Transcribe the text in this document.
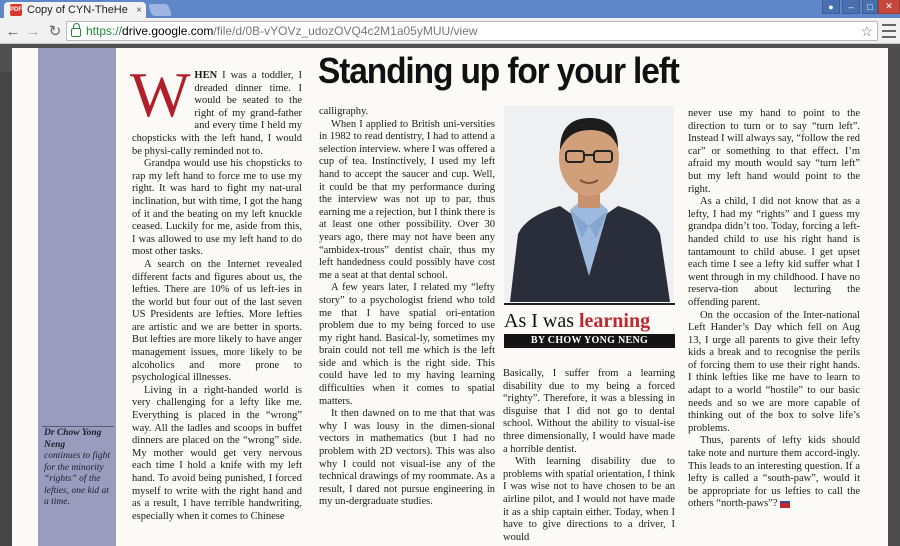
PDF Copy of CYN-TheHe ×	●	–	□	✕
← → ↻ https:// drive.google.com /file/d/0B-vYOVz_udozOVQ4c2M1a05yMUU/view	☆
Dr Chow Yong Neng
continues to fight for the minority “rights” of the lefties, one kid at a time.
Standing up for your left

WHEN I was a toddler, I dreaded dinner time. I would be seated to the right of my grand-father and every time I held my chopsticks with the left hand, I would be physi-cally reminded not to.

Grandpa would use his chopsticks to rap my left hand to force me to use my right. It was hard to fight my nat-ural inclination, but with time, I got the hang of it and the beating on my left knuckle ceased. Luckily for me, aside from this, I was allowed to use my left hand to do most other tasks.

A search on the Internet revealed different facts and figures about us, the lefties. There are 10% of us left-ies in the world but four out of the last seven US Presidents are lefties. More lefties are artistic and we are better in sports. But lefties are more likely to have anger management issues, more likely to be alcoholics and more prone to psychological illnesses.

Living in a right-handed world is very challenging for a lefty like me. Everything is placed in the “wrong” way. All the ladles and scoops in buffet dinners are placed on the “wrong” side. My mother would get very nervous each time I hold a knife with my left hand. To avoid being punished, I forced myself to write with the right hand and as a result, I have terrible handwriting, especially when it comes to Chinese

calligraphy.

When I applied to British uni-versities in 1982 to read dentistry, I had to attend a selection interview. where I was offered a cup of tea. Instinctively, I used my left hand to accept the saucer and cup. Well, it could be that my performance during the interview was not up to par, thus earning me a rejection, but I think there is at least one other possibility. Over 30 years ago, there may not have been any “ambidex-trous” dentist chair, thus my left handedness could possibly have cost me a seat at that dental school.

A few years later, I related my “lefty story” to a psychologist friend who told me that I have spatial ori-entation problem due to my being forced to use my right hand. Basical-ly, sometimes my brain could not tell me which is the left side and which is the right side. This could have led to my having learning difficulties when it comes to spatial matters.

It then dawned on to me that that was why I was lousy in the dimen-sional vectors in mathematics (but I had no problem with 2D vectors). This was also why I could not visual-ise any of the technical drawings of my roommate. As a result, I dared not pursue engineering in my un-dergraduate studies.

As I was learning
BY CHOW YONG NENG

Basically, I suffer from a learning disability due to my being a forced “righty”. Therefore, it was a blessing in disguise that I did not go to dental school. Without the ability to visual-ise three dimensionally, I would have made a horrible dentist.

With learning disability due to problems with spatial orientation, I think I was wise not to have chosen to be an airline pilot, and I would not have made it as a ship captain either. Today, when I have to give directions to a driver, I would

never use my hand to point to the direction to turn or to say “turn left”. Instead I will always say, “follow the red car” or something to that effect. I’m afraid my mouth would say “turn left” but my left hand would point to the right.

As a child, I did not know that as a lefty, I had my “rights” and I guess my grandpa didn’t too. Today, forcing a left-handed child to use his right hand is tantamount to child abuse. I get upset each time I see a lefty kid suffer what I went through in my childhood. I have no reserva-tion about lecturing the offending parent.

On the occasion of the Inter-national Left Hander’s Day which fell on Aug 13, I urge all parents to give their lefty kids a break and to recognise the perils of forcing them to use their right hands. I think lefties like me have to learn to adapt to a world “hostile” to our basic needs and so we are more capable of thinking out of the box to solve life’s problems.

Thus, parents of lefty kids should take note and nurture them accord-ingly. This leads to an interesting question. If a lefty is called a “south-paw”, would it be appropriate for us lefties to call the others “north-paws”?
